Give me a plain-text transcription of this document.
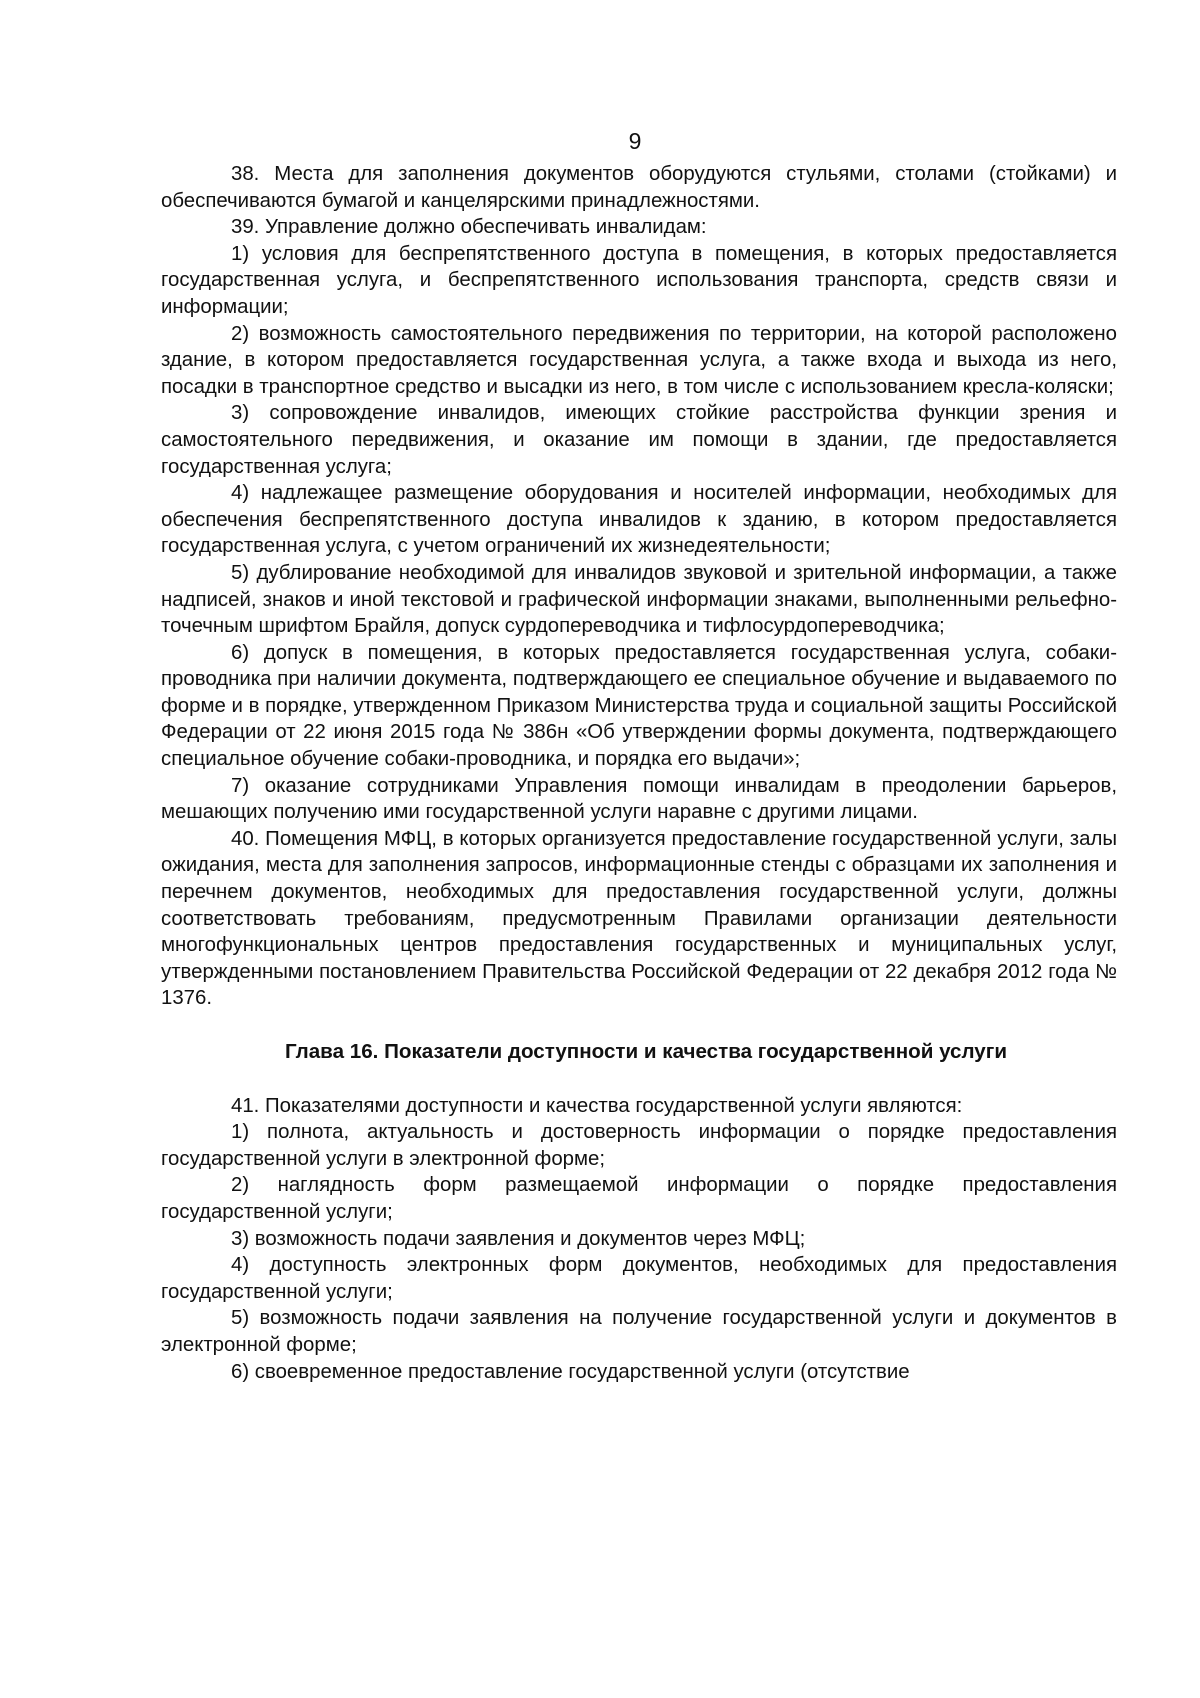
9

38. Места для заполнения документов оборудуются стульями, столами (стойками) и обеспечиваются бумагой и канцелярскими принадлежностями.

39. Управление должно обеспечивать инвалидам:

1) условия для беспрепятственного доступа в помещения, в которых предоставляется государственная услуга, и беспрепятственного использования транспорта, средств связи и информации;

2) возможность самостоятельного передвижения по территории, на которой расположено здание, в котором предоставляется государственная услуга, а также входа и выхода из него, посадки в транспортное средство и высадки из него, в том числе с использованием кресла-коляски;

3) сопровождение инвалидов, имеющих стойкие расстройства функции зрения и самостоятельного передвижения, и оказание им помощи в здании, где предоставляется государственная услуга;

4) надлежащее размещение оборудования и носителей информации, необходимых для обеспечения беспрепятственного доступа инвалидов к зданию, в котором предоставляется государственная услуга, с учетом ограничений их жизнедеятельности;

5) дублирование необходимой для инвалидов звуковой и зрительной информации, а также надписей, знаков и иной текстовой и графической информации знаками, выполненными рельефно-точечным шрифтом Брайля, допуск сурдопереводчика и тифлосурдопереводчика;

6) допуск в помещения, в которых предоставляется государственная услуга, собаки-проводника при наличии документа, подтверждающего ее специальное обучение и выдаваемого по форме и в порядке, утвержденном Приказом Министерства труда и социальной защиты Российской Федерации от 22 июня 2015 года № 386н «Об утверждении формы документа, подтверждающего специальное обучение собаки-проводника, и порядка его выдачи»;

7) оказание сотрудниками Управления помощи инвалидам в преодолении барьеров, мешающих получению ими государственной услуги наравне с другими лицами.

40. Помещения МФЦ, в которых организуется предоставление государственной услуги, залы ожидания, места для заполнения запросов, информационные стенды с образцами их заполнения и перечнем документов, необходимых для предоставления государственной услуги, должны соответствовать требованиям, предусмотренным Правилами организации деятельности многофункциональных центров предоставления государственных и муниципальных услуг, утвержденными постановлением Правительства Российской Федерации от 22 декабря 2012 года № 1376.

Глава 16. Показатели доступности и качества государственной услуги

41. Показателями доступности и качества государственной услуги являются:

1) полнота, актуальность и достоверность информации о порядке предоставления государственной услуги в электронной форме;

2) наглядность форм размещаемой информации о порядке предоставления государственной услуги;

3) возможность подачи заявления и документов через МФЦ;

4) доступность электронных форм документов, необходимых для предоставления государственной услуги;

5) возможность подачи заявления на получение государственной услуги и документов в электронной форме;

6) своевременное предоставление государственной услуги (отсутствие
